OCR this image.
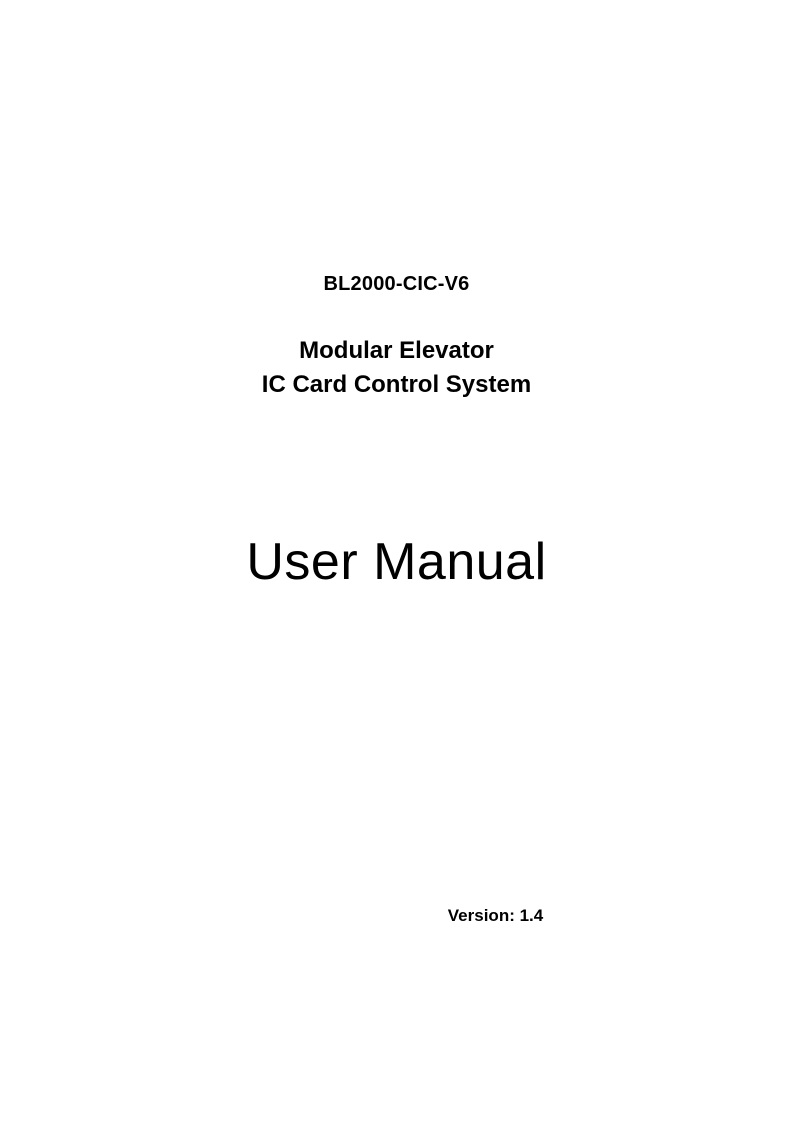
BL2000-CIC-V6
Modular Elevator
IC Card Control System
User Manual
Version: 1.4
